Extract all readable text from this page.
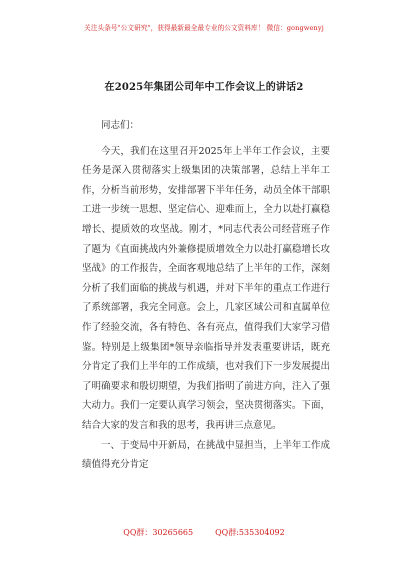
关注头条号"公文研究"，获得最新最全最专业的公文资料库！ 微信：gongwenyj
在2025年集团公司年中工作会议上的讲话2

同志们：

今天，我们在这里召开2025年上半年工作会议，主要任务是深入贯彻落实上级集团的决策部署，总结上半年工作，分析当前形势，安排部署下半年任务，动员全体干部职工进一步统一思想、坚定信心、迎难而上，全力以赴打赢稳增长、提质效的攻坚战。刚才，*同志代表公司经营班子作了题为《直面挑战内外兼修提质增效全力以赴打赢稳增长攻坚战》的工作报告，全面客观地总结了上半年的工作，深刻分析了我们面临的挑战与机遇，并对下半年的重点工作进行了系统部署，我完全同意。会上，几家区域公司和直属单位作了经验交流，各有特色、各有亮点，值得我们大家学习借鉴。特别是上级集团*领导亲临指导并发表重要讲话，既充分肯定了我们上半年的工作成绩，也对我们下一步发展提出了明确要求和殷切期望，为我们指明了前进方向，注入了强大动力。我们一定要认真学习领会，坚决贯彻落实。下面，结合大家的发言和我的思考，我再讲三点意见。

一、于变局中开新局，在挑战中显担当，上半年工作成绩值得充分肯定

QQ群：30265665	QQ群:535304092
